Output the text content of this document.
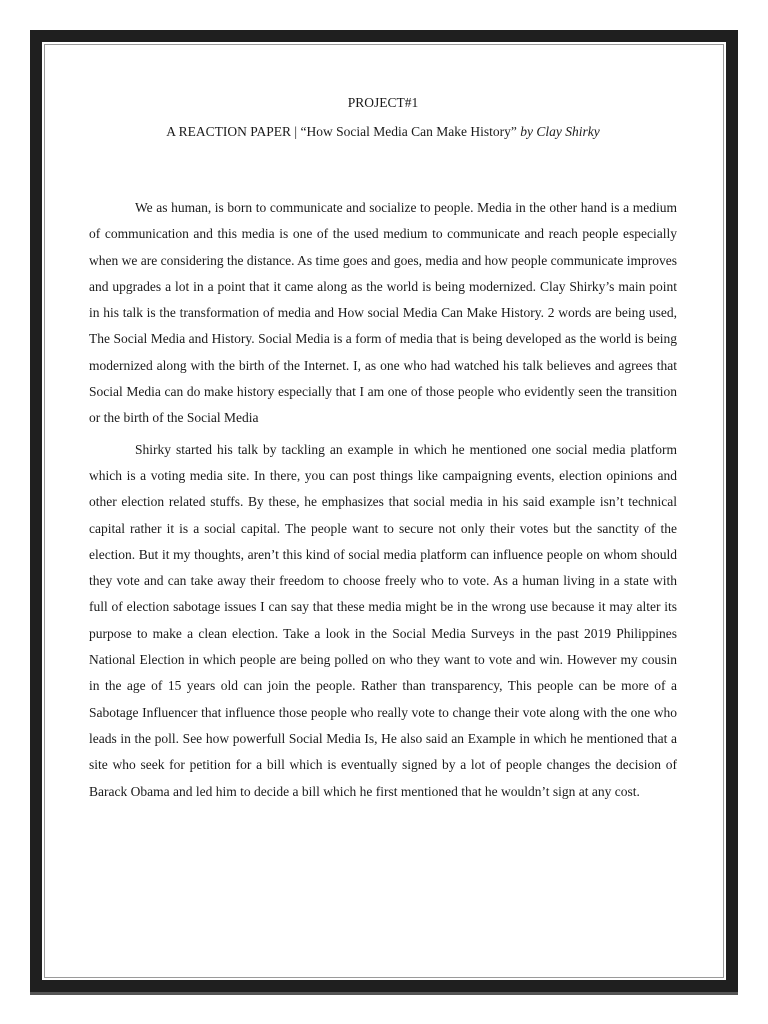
PROJECT#1

A REACTION PAPER | “How Social Media Can Make History” by Clay Shirky

We as human, is born to communicate and socialize to people. Media in the other hand is a medium of communication and this media is one of the used medium to communicate and reach people especially when we are considering the distance. As time goes and goes, media and how people communicate improves and upgrades a lot in a point that it came along as the world is being modernized. Clay Shirky’s main point in his talk is the transformation of media and How social Media Can Make History. 2 words are being used, The Social Media and History. Social Media is a form of media that is being developed as the world is being modernized along with the birth of the Internet. I, as one who had watched his talk believes and agrees that Social Media can do make history especially that I am one of those people who evidently seen the transition or the birth of the Social Media

Shirky started his talk by tackling an example in which he mentioned one social media platform which is a voting media site. In there, you can post things like campaigning events, election opinions and other election related stuffs. By these, he emphasizes that social media in his said example isn’t technical capital rather it is a social capital. The people want to secure not only their votes but the sanctity of the election. But it my thoughts, aren’t this kind of social media platform can influence people on whom should they vote and can take away their freedom to choose freely who to vote. As a human living in a state with full of election sabotage issues I can say that these media might be in the wrong use because it may alter its purpose to make a clean election. Take a look in the Social Media Surveys in the past 2019 Philippines National Election in which people are being polled on who they want to vote and win. However my cousin in the age of 15 years old can join the people. Rather than transparency, This people can be more of a Sabotage Influencer that influence those people who really vote to change their vote along with the one who leads in the poll. See how powerfull Social Media Is, He also said an Example in which he mentioned that a site who seek for petition for a bill which is eventually signed by a lot of people changes the decision of Barack Obama and led him to decide a bill which he first mentioned that he wouldn’t sign at any cost.
